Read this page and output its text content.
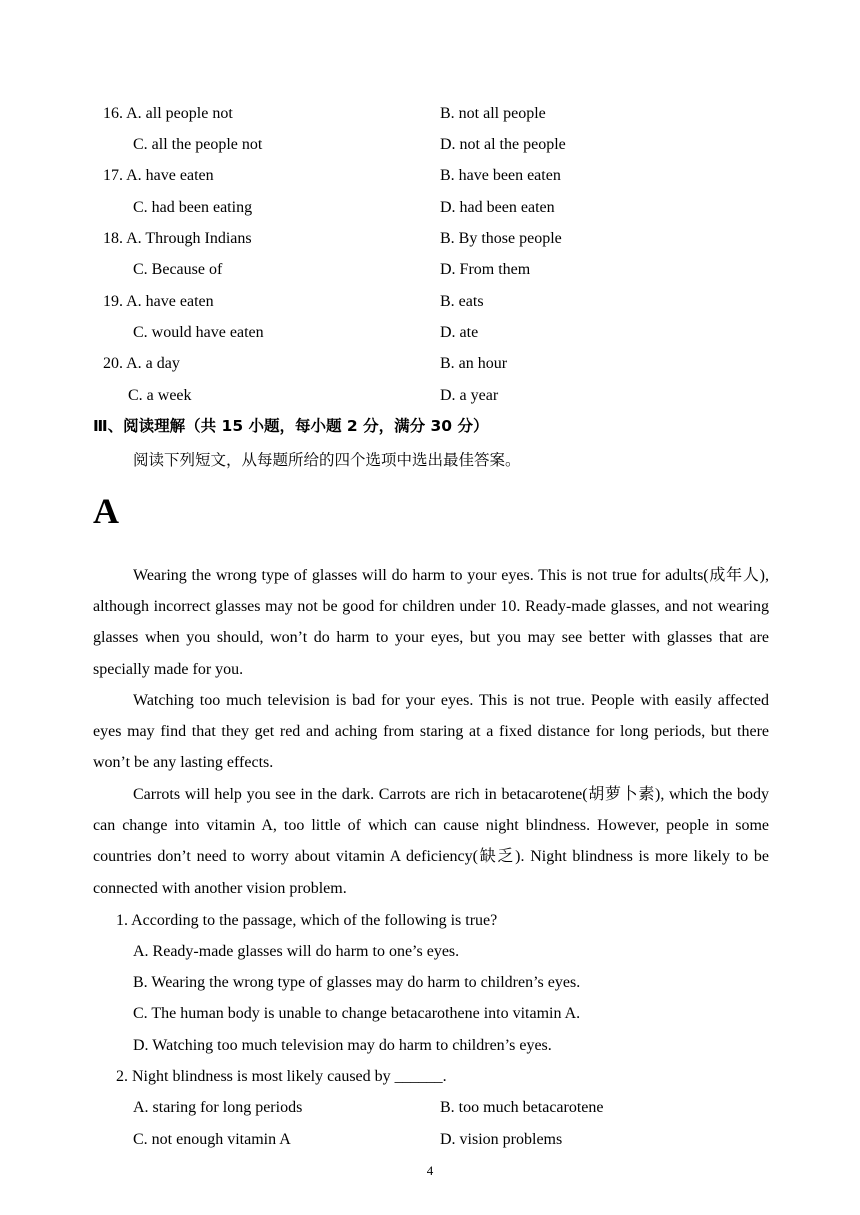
16. A. all people not	B. not all people
C. all the people not	D. not al the people
17. A. have eaten	B. have been eaten
C. had been eating	D. had been eaten
18. A. Through Indians	B. By those people
C. Because of	D. From them
19. A. have eaten	B. eats
C. would have eaten	D. ate
20. A. a day	B. an hour
C. a week	D. a year
Ⅲ、阅读理解（共 15 小题，每小题 2 分，满分 30 分）
阅读下列短文，从每题所给的四个选项中选出最佳答案。
A

Wearing the wrong type of glasses will do harm to your eyes. This is not true for adults(成年人), although incorrect glasses may not be good for children under 10. Ready-made glasses, and not wearing glasses when you should, won’t do harm to your eyes, but you may see better with glasses that are specially made for you.

Watching too much television is bad for your eyes. This is not true. People with easily affected eyes may find that they get red and aching from staring at a fixed distance for long periods, but there won’t be any lasting effects.

Carrots will help you see in the dark. Carrots are rich in betacarotene(胡萝卜素), which the body can change into vitamin A, too little of which can cause night blindness. However, people in some countries don’t need to worry about vitamin A deficiency(缺乏). Night blindness is more likely to be connected with another vision problem.

1. According to the passage, which of the following is true?
A. Ready-made glasses will do harm to one’s eyes.
B. Wearing the wrong type of glasses may do harm to children’s eyes.
C. The human body is unable to change betacarothene into vitamin A.
D. Watching too much television may do harm to children’s eyes.
2. Night blindness is most likely caused by ______.
A. staring for long periods	B. too much betacarotene
C. not enough vitamin A	D. vision problems
4
